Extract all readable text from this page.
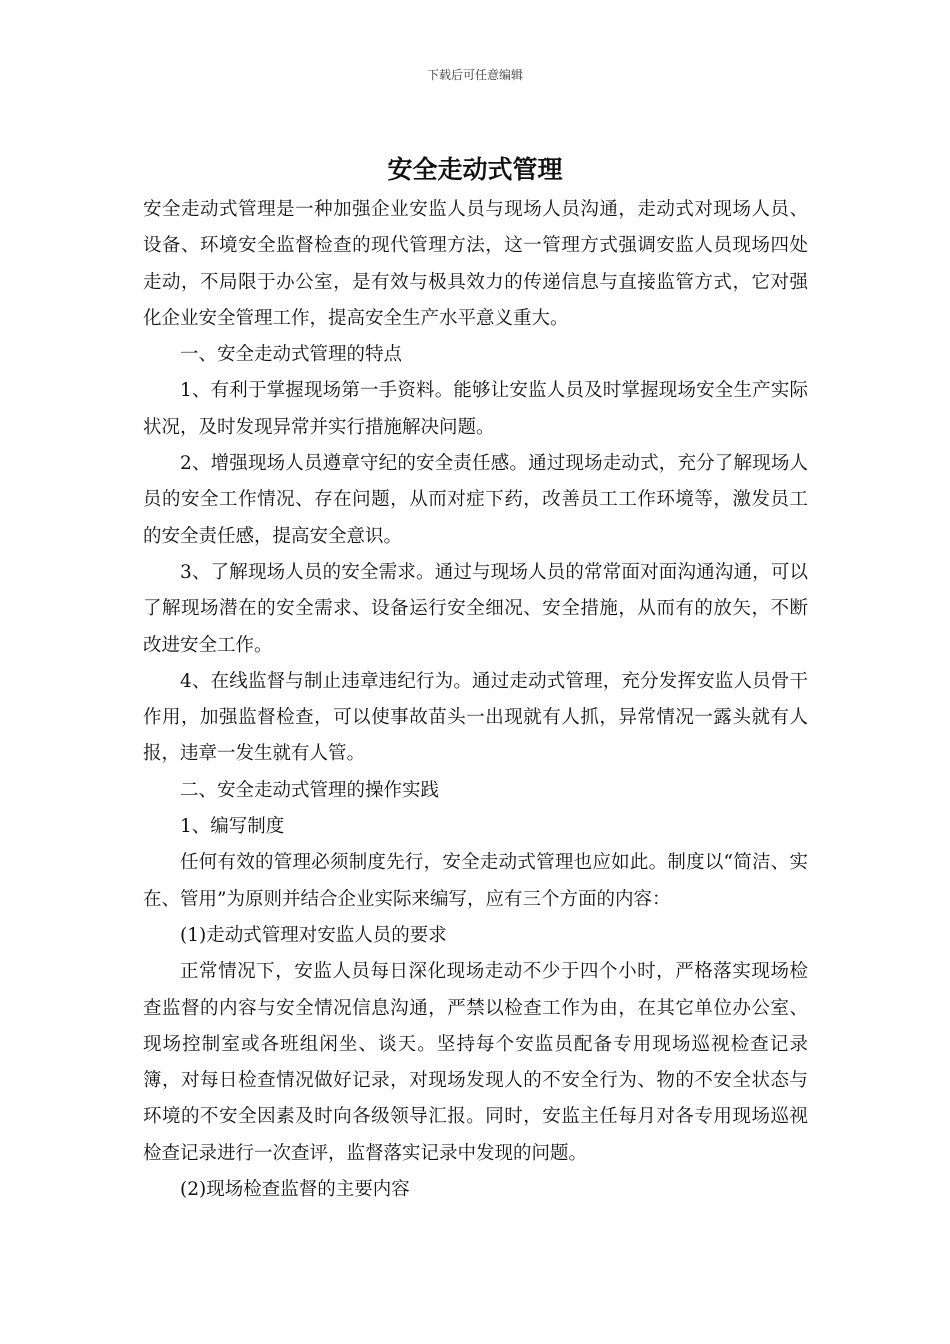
下载后可任意编辑
安全走动式管理

安全走动式管理是一种加强企业安监人员与现场人员沟通，走动式对现场人员、设备、环境安全监督检查的现代管理方法，这一管理方式强调安监人员现场四处走动，不局限于办公室，是有效与极具效力的传递信息与直接监管方式，它对强化企业安全管理工作，提高安全生产水平意义重大。

一、安全走动式管理的特点

1、有利于掌握现场第一手资料。能够让安监人员及时掌握现场安全生产实际状况，及时发现异常并实行措施解决问题。

2、增强现场人员遵章守纪的安全责任感。通过现场走动式，充分了解现场人员的安全工作情况、存在问题，从而对症下药，改善员工工作环境等，激发员工的安全责任感，提高安全意识。

3、了解现场人员的安全需求。通过与现场人员的常常面对面沟通沟通，可以了解现场潜在的安全需求、设备运行安全细况、安全措施，从而有的放矢，不断改进安全工作。

4、在线监督与制止违章违纪行为。通过走动式管理，充分发挥安监人员骨干作用，加强监督检查，可以使事故苗头一出现就有人抓，异常情况一露头就有人报，违章一发生就有人管。

二、安全走动式管理的操作实践

1、编写制度

任何有效的管理必须制度先行，安全走动式管理也应如此。制度以“简洁、实在、管用”为原则并结合企业实际来编写，应有三个方面的内容：

(1)走动式管理对安监人员的要求

正常情况下，安监人员每日深化现场走动不少于四个小时，严格落实现场检查监督的内容与安全情况信息沟通，严禁以检查工作为由，在其它单位办公室、现场控制室或各班组闲坐、谈天。坚持每个安监员配备专用现场巡视检查记录簿，对每日检查情况做好记录，对现场发现人的不安全行为、物的不安全状态与环境的不安全因素及时向各级领导汇报。同时，安监主任每月对各专用现场巡视检查记录进行一次查评，监督落实记录中发现的问题。

(2)现场检查监督的主要内容
